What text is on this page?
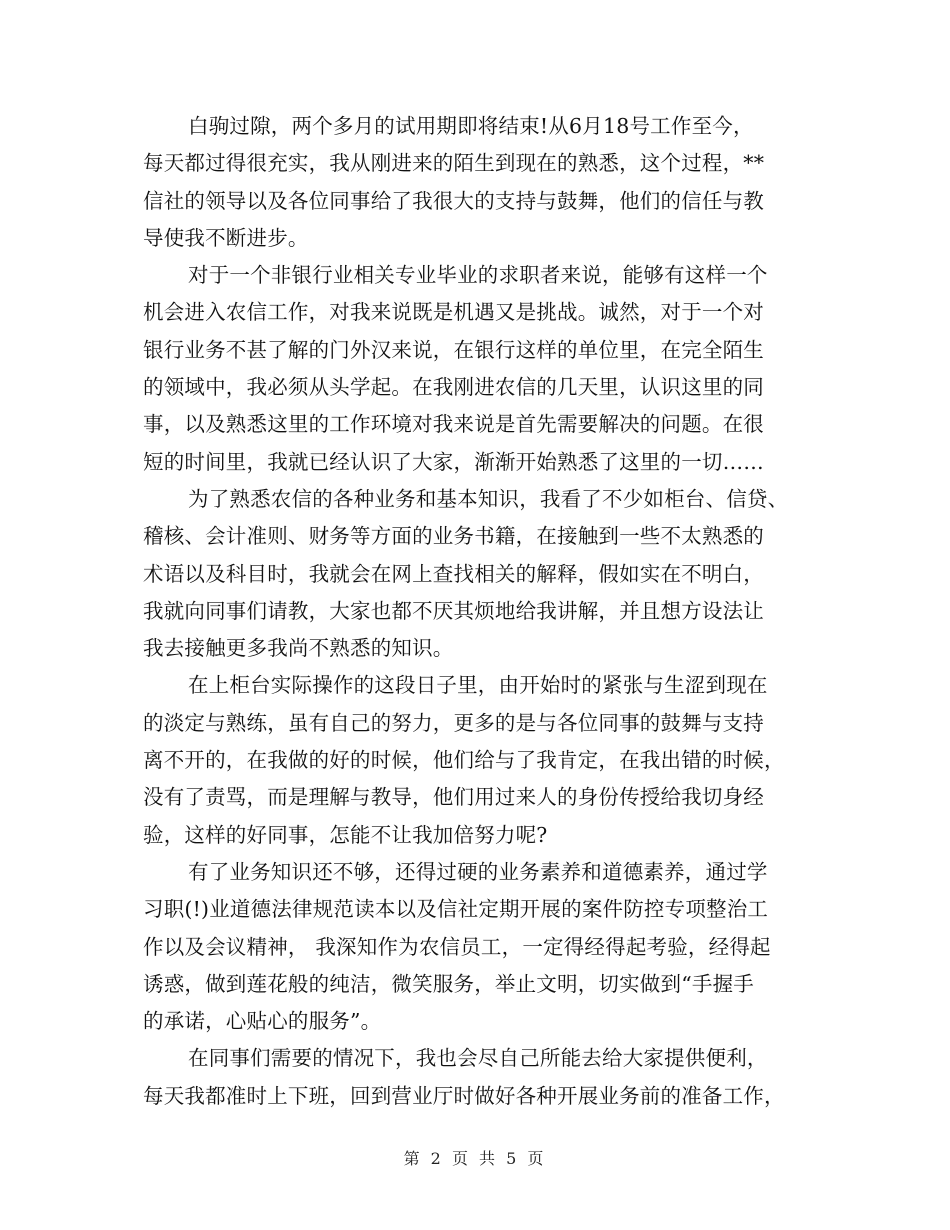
白驹过隙，两个多月的试用期即将结束!从6月18号工作至今，
每天都过得很充实，我从刚进来的陌生到现在的熟悉，这个过程，**
信社的领导以及各位同事给了我很大的支持与鼓舞，他们的信任与教
导使我不断进步。
对于一个非银行业相关专业毕业的求职者来说，能够有这样一个
机会进入农信工作，对我来说既是机遇又是挑战。诚然，对于一个对
银行业务不甚了解的门外汉来说，在银行这样的单位里，在完全陌生
的领域中，我必须从头学起。在我刚进农信的几天里，认识这里的同
事，以及熟悉这里的工作环境对我来说是首先需要解决的问题。在很
短的时间里，我就已经认识了大家，渐渐开始熟悉了这里的一切……
为了熟悉农信的各种业务和基本知识，我看了不少如柜台、信贷、
稽核、会计准则、财务等方面的业务书籍，在接触到一些不太熟悉的
术语以及科目时，我就会在网上查找相关的解释，假如实在不明白，
我就向同事们请教，大家也都不厌其烦地给我讲解，并且想方设法让
我去接触更多我尚不熟悉的知识。
在上柜台实际操作的这段日子里，由开始时的紧张与生涩到现在
的淡定与熟练，虽有自己的努力，更多的是与各位同事的鼓舞与支持
离不开的，在我做的好的时候，他们给与了我肯定，在我出错的时候，
没有了责骂，而是理解与教导，他们用过来人的身份传授给我切身经
验，这样的好同事，怎能不让我加倍努力呢?
有了业务知识还不够，还得过硬的业务素养和道德素养，通过学
习职(!)业道德法律规范读本以及信社定期开展的案件防控专项整治工
作以及会议精神， 我深知作为农信员工，一定得经得起考验，经得起
诱惑，做到莲花般的纯洁，微笑服务，举止文明，切实做到“手握手
的承诺，心贴心的服务”。
在同事们需要的情况下，我也会尽自己所能去给大家提供便利，
每天我都准时上下班，回到营业厅时做好各种开展业务前的准备工作，
第 2 页 共 5 页
